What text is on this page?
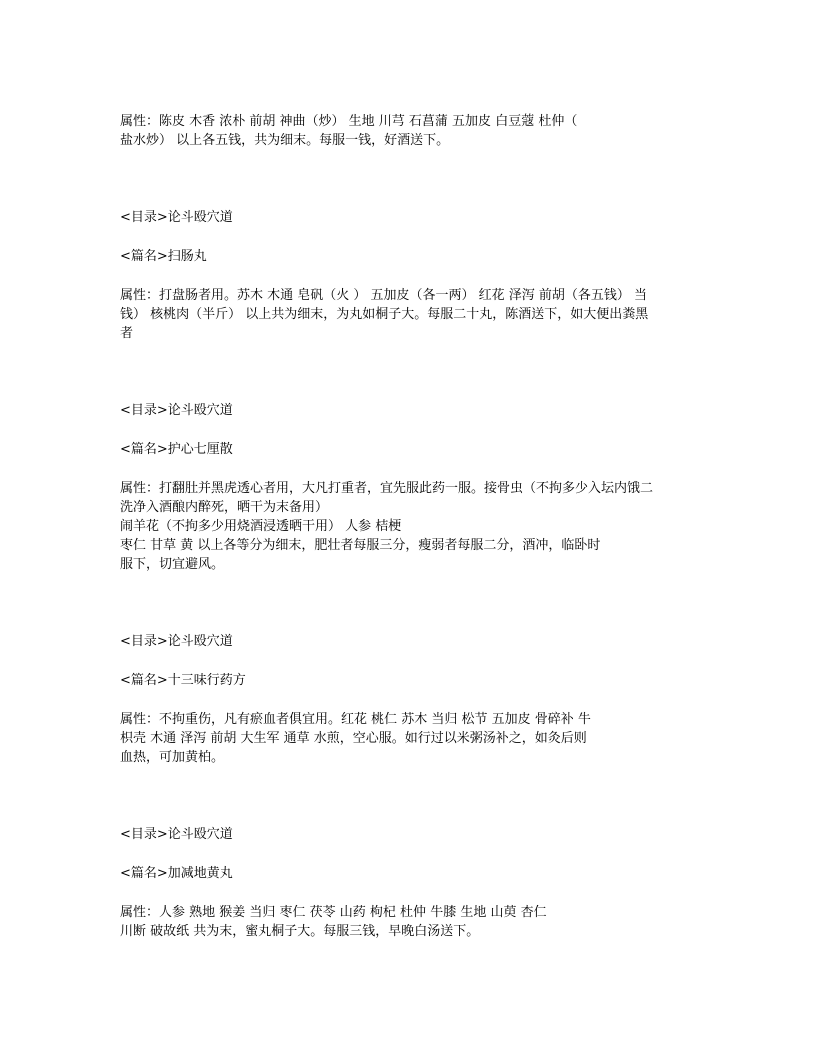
属性：陈皮 木香 浓朴 前胡 神曲（炒） 生地 川芎 石菖蒲 五加皮 白豆蔻 杜仲（
盐水炒） 以上各五钱，共为细末。每服一钱，好酒送下。
<目录>论斗殴穴道
<篇名>扫肠丸
属性：打盘肠者用。苏木 木通 皂矾（火 ） 五加皮（各一两） 红花 泽泻 前胡（各五钱） 当
钱） 核桃肉（半斤） 以上共为细末，为丸如桐子大。每服二十丸，陈酒送下，如大便出粪黑
者
<目录>论斗殴穴道
<篇名>护心七厘散
属性：打翻肚并黑虎透心者用，大凡打重者，宜先服此药一服。接骨虫（不拘多少入坛内饿二
洗净入酒酿内醉死，晒干为末备用）
闹羊花（不拘多少用烧酒浸透晒干用） 人参 桔梗
枣仁 甘草 黄 以上各等分为细末，肥壮者每服三分，瘦弱者每服二分，酒冲，临卧时
服下，切宜避风。
<目录>论斗殴穴道
<篇名>十三味行药方
属性：不拘重伤，凡有瘀血者俱宜用。红花 桃仁 苏木 当归 松节 五加皮 骨碎补 牛
枳壳 木通 泽泻 前胡 大生军 通草 水煎，空心服。如行过以米粥汤补之，如灸后则
血热，可加黄柏。
<目录>论斗殴穴道
<篇名>加减地黄丸
属性：人参 熟地 猴姜 当归 枣仁 茯苓 山药 枸杞 杜仲 牛膝 生地 山萸 杏仁
川断 破故纸 共为末，蜜丸桐子大。每服三钱，早晚白汤送下。
